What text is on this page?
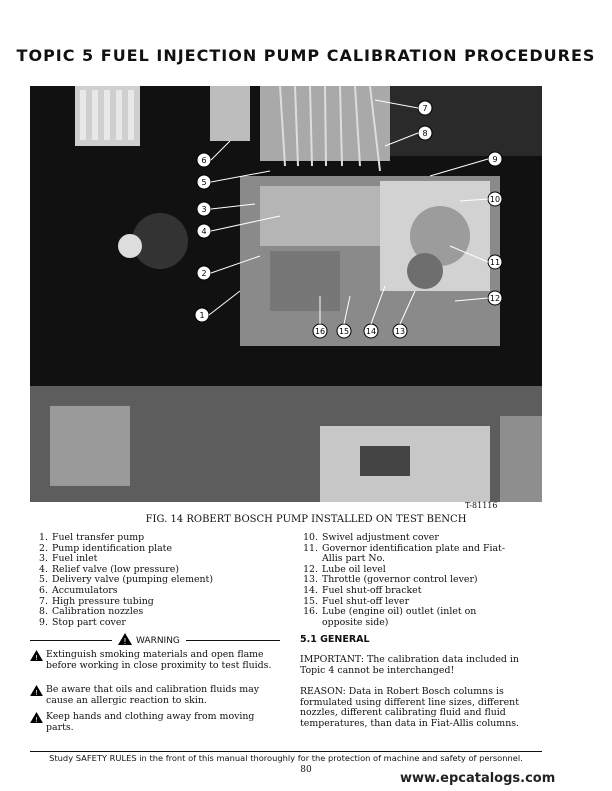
TOPIC 5 FUEL INJECTION PUMP CALIBRATION PROCEDURES
1
2
3
4
5
6
7
8
9
10
11
12
13
14
15
16
T-81116
FIG. 14 ROBERT BOSCH PUMP INSTALLED ON TEST BENCH
1. Fuel transfer pump
2. Pump identification plate
3. Fuel inlet
4. Relief valve (low pressure)
5. Delivery valve (pumping element)
6. Accumulators
7. High pressure tubing
8. Calibration nozzles
9. Stop part cover
10. Swivel adjustment cover
11. Governor identification plate and Fiat-
Allis part No.
12. Lube oil level
13. Throttle (governor control lever)
14. Fuel shut-off bracket
15. Fuel shut-off lever
16. Lube (engine oil) outlet (inlet on
opposite side)
! WARNING
! Extinguish smoking materials and open flame before working in close proximity to test fluids.
! Be aware that oils and calibration fluids may cause an allergic reaction to skin.
! Keep hands and clothing away from moving parts.
5.1 GENERAL
IMPORTANT: The calibration data included in Topic 4 cannot be interchanged!
REASON: Data in Robert Bosch columns is formulated using different line sizes, different nozzles, different calibrating fluid and fluid temperatures, than data in Fiat-Allis columns.
Study SAFETY RULES in the front of this manual thoroughly for the protection of machine and safety of personnel.
80
www.epcatalogs.com
